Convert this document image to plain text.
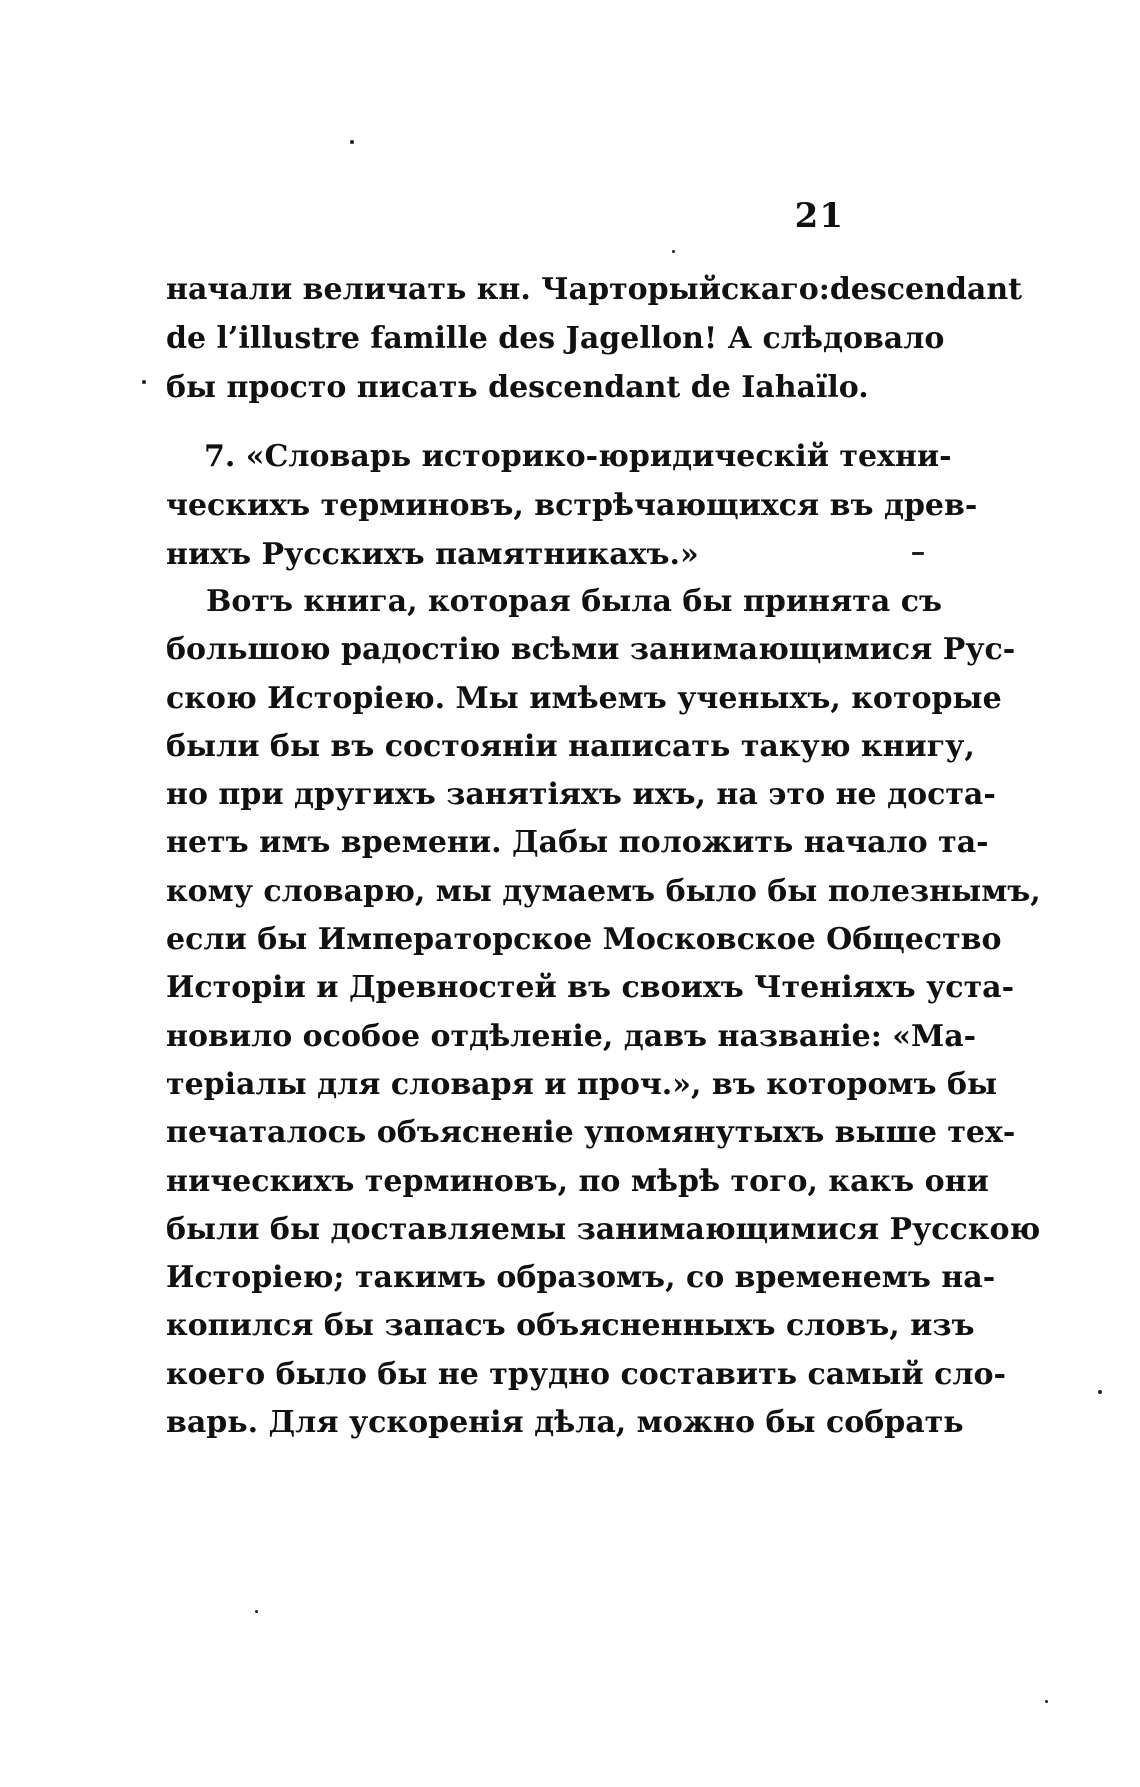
21
начали величать кн. Чарторыйскаго:descendant
de l’illustre famille des Jagellon! А слѣдовало
бы просто писать descendant de Iahaïlo.
7. «Словарь историко-юридическій техни-
ческихъ терминовъ, встрѣчающихся въ древ-
нихъ Русскихъ памятникахъ.»
Вотъ книга, которая была бы принята съ
большою радостію всѣми занимающимися Рус-
скою Исторіею. Мы имѣемъ ученыхъ, которые
были бы въ состояніи написать такую книгу,
но при другихъ занятіяхъ ихъ, на это не доста-
нетъ имъ времени. Дабы положить начало та-
кому словарю, мы думаемъ было бы полезнымъ,
если бы Императорское Московское Общество
Исторіи и Древностей въ своихъ Чтеніяхъ уста-
новило особое отдѣленіе, давъ названіе: «Ма-
теріалы для словаря и проч.», въ которомъ бы
печаталось объясненіе упомянутыхъ выше тех-
ническихъ терминовъ, по мѣрѣ того, какъ они
были бы доставляемы занимающимися Русскою
Исторіею; такимъ образомъ, со временемъ на-
копился бы запасъ объясненныхъ словъ, изъ
коего было бы не трудно составить самый сло-
варь. Для ускоренія дѣла, можно бы собрать
